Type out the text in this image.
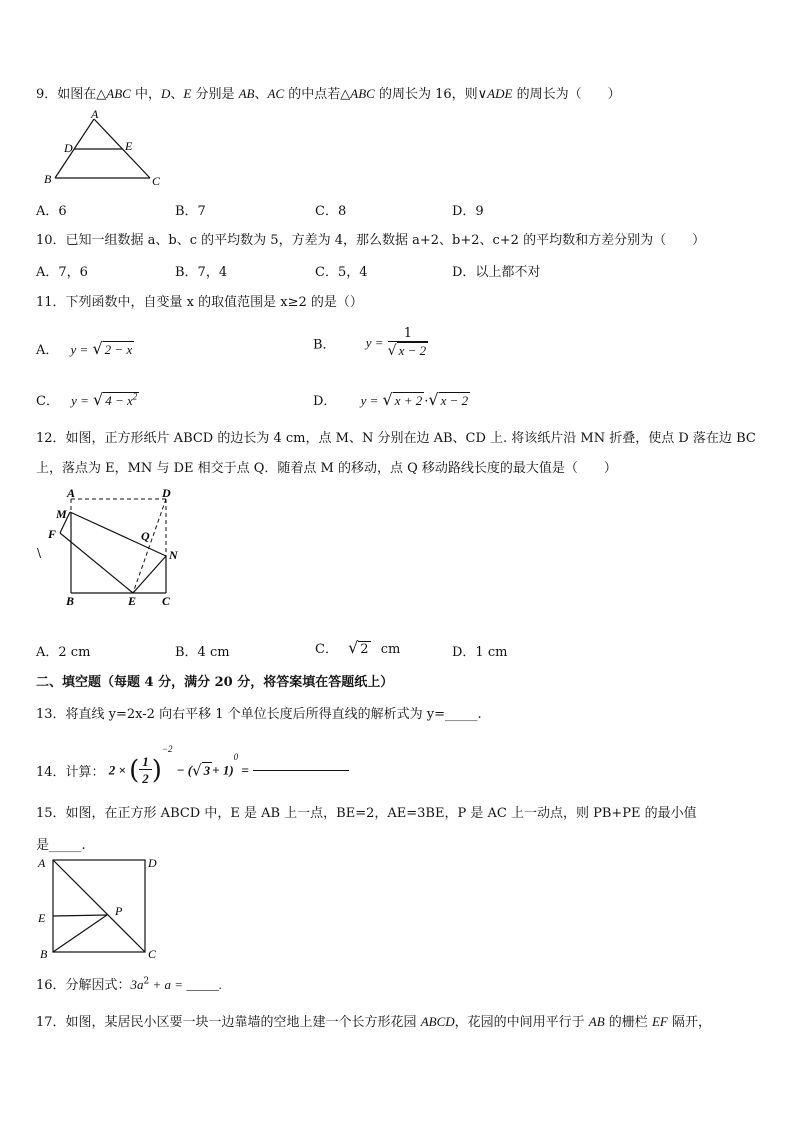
9．如图在△ABC 中，D、E 分别是 AB、AC 的中点若△ABC 的周长为 16，则∨ADE 的周长为（　　）
A
D	E
B	C
A．6	B．7	C．8	D．9
10．已知一组数据 a、b、c 的平均数为 5，方差为 4，那么数据 a+2、b+2、c+2 的平均数和方差分别为（　　）
A．7，6	B．7，4	C．5，4	D．以上都不对
11．下列函数中，自变量 x 的取值范围是 x≥2 的是（）
A． y = √ 2 − x	B． $y = \frac{1}{√ x - 2}$
C． y = √ $4 - x^2$	D． y = √ x + 2 ·√ x − 2
12．如图，正方形纸片 ABCD 的边长为 4 cm，点 M、N 分别在边 AB、CD 上. 将该纸片沿 MN 折叠，使点 D 落在边 BC
上，落点为 E，MN 与 DE 相交于点 Q．随着点 M 的移动，点 Q 移动路线长度的最大值是（　　）
\
A	D
M
F	Q
N
B	E C
A．2 cm	B．4 cm	C． √ 2 cm	D．1 cm
二、填空题（每题 4 分，满分 20 分，将答案填在答题纸上）
13．将直线 y=2x-2 向右平移 1 个单位长度后所得直线的解析式为 y=_____.
14．计算： 2 × ( $\frac{1}{2} )^{-2}$ − (√ 3 + 1)$^0$ =
15．如图，在正方形 ABCD 中，E 是 AB 上一点，BE=2，AE=3BE，P 是 AC 上一动点，则 PB+PE 的最小值
是_____.
A	D
E	P
B	C
16．分解因式：$3a^2 + a$ = _____.
17．如图，某居民小区要一块一边靠墙的空地上建一个长方形花园 ABCD，花园的中间用平行于 AB 的栅栏 EF 隔开，
